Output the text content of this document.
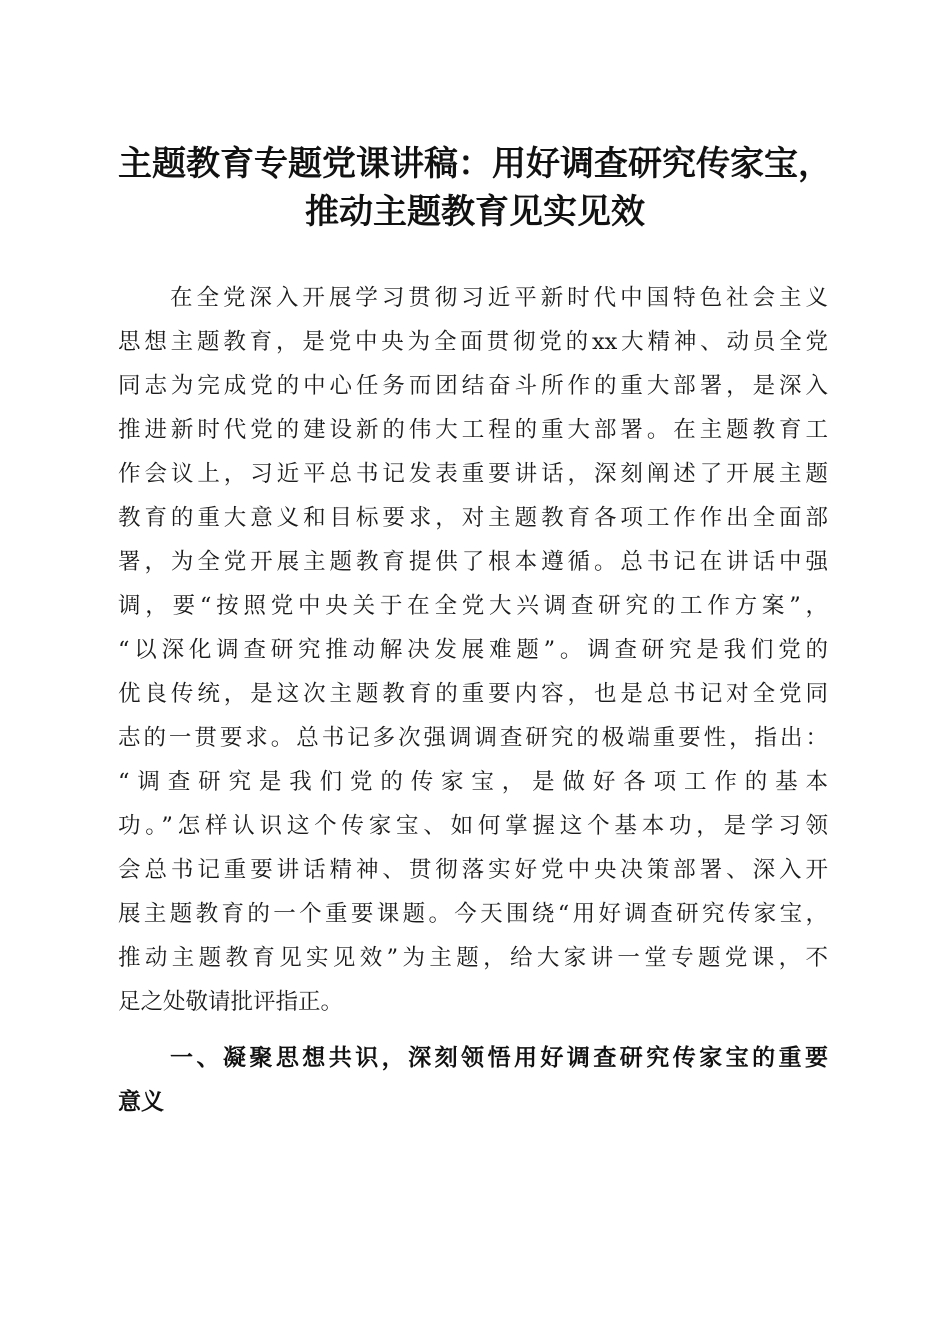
主题教育专题党课讲稿：用好调查研究传家宝，
推动主题教育见实见效
在全党深入开展学习贯彻习近平新时代中国特色社会主义
思想主题教育，是党中央为全面贯彻党的xx大精神、动员全党
同志为完成党的中心任务而团结奋斗所作的重大部署，是深入
推进新时代党的建设新的伟大工程的重大部署。在主题教育工
作会议上，习近平总书记发表重要讲话，深刻阐述了开展主题
教育的重大意义和目标要求，对主题教育各项工作作出全面部
署，为全党开展主题教育提供了根本遵循。总书记在讲话中强
调，要“按照党中央关于在全党大兴调查研究的工作方案”，
“以深化调查研究推动解决发展难题”。调查研究是我们党的
优良传统，是这次主题教育的重要内容，也是总书记对全党同
志的一贯要求。总书记多次强调调查研究的极端重要性，指出：
“调查研究是我们党的传家宝，是做好各项工作的基本
功。”怎样认识这个传家宝、如何掌握这个基本功，是学习领
会总书记重要讲话精神、贯彻落实好党中央决策部署、深入开
展主题教育的一个重要课题。今天围绕“用好调查研究传家宝，
推动主题教育见实见效”为主题，给大家讲一堂专题党课，不
足之处敬请批评指正。
一、凝聚思想共识，深刻领悟用好调查研究传家宝的重要
意义
